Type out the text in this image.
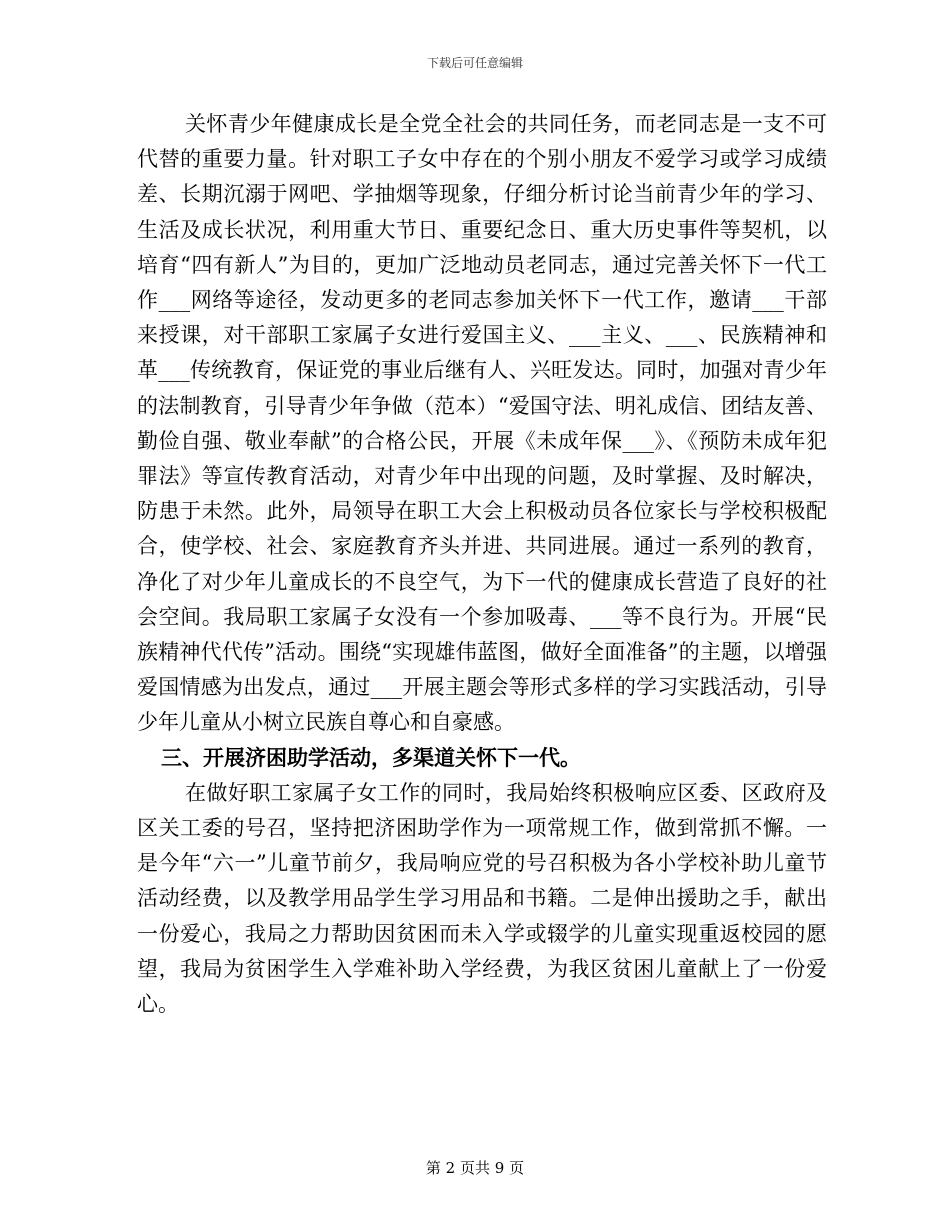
下载后可任意编辑

关怀青少年健康成长是全党全社会的共同任务，而老同志是一支不可代替的重要力量。针对职工子女中存在的个别小朋友不爱学习或学习成绩差、长期沉溺于网吧、学抽烟等现象，仔细分析讨论当前青少年的学习、生活及成长状况，利用重大节日、重要纪念日、重大历史事件等契机，以培育“四有新人”为目的，更加广泛地动员老同志，通过完善关怀下一代工作___网络等途径，发动更多的老同志参加关怀下一代工作，邀请___干部来授课，对干部职工家属子女进行爱国主义、___主义、___、民族精神和革___传统教育，保证党的事业后继有人、兴旺发达。同时，加强对青少年的法制教育，引导青少年争做（范本）“爱国守法、明礼成信、团结友善、勤俭自强、敬业奉献”的合格公民，开展《未成年保___》、《预防未成年犯罪法》等宣传教育活动，对青少年中出现的问题，及时掌握、及时解决，防患于未然。此外，局领导在职工大会上积极动员各位家长与学校积极配合，使学校、社会、家庭教育齐头并进、共同进展。通过一系列的教育，净化了对少年儿童成长的不良空气，为下一代的健康成长营造了良好的社会空间。我局职工家属子女没有一个参加吸毒、___等不良行为。开展“民族精神代代传”活动。围绕“实现雄伟蓝图，做好全面准备”的主题，以增强爱国情感为出发点，通过___开展主题会等形式多样的学习实践活动，引导少年儿童从小树立民族自尊心和自豪感。

三、开展济困助学活动，多渠道关怀下一代。

在做好职工家属子女工作的同时，我局始终积极响应区委、区政府及区关工委的号召，坚持把济困助学作为一项常规工作，做到常抓不懈。一是今年“六一”儿童节前夕，我局响应党的号召积极为各小学校补助儿童节活动经费，以及教学用品学生学习用品和书籍。二是伸出援助之手，献出一份爱心，我局之力帮助因贫困而未入学或辍学的儿童实现重返校园的愿望，我局为贫困学生入学难补助入学经费，为我区贫困儿童献上了一份爱心。

第 2 页共 9 页
